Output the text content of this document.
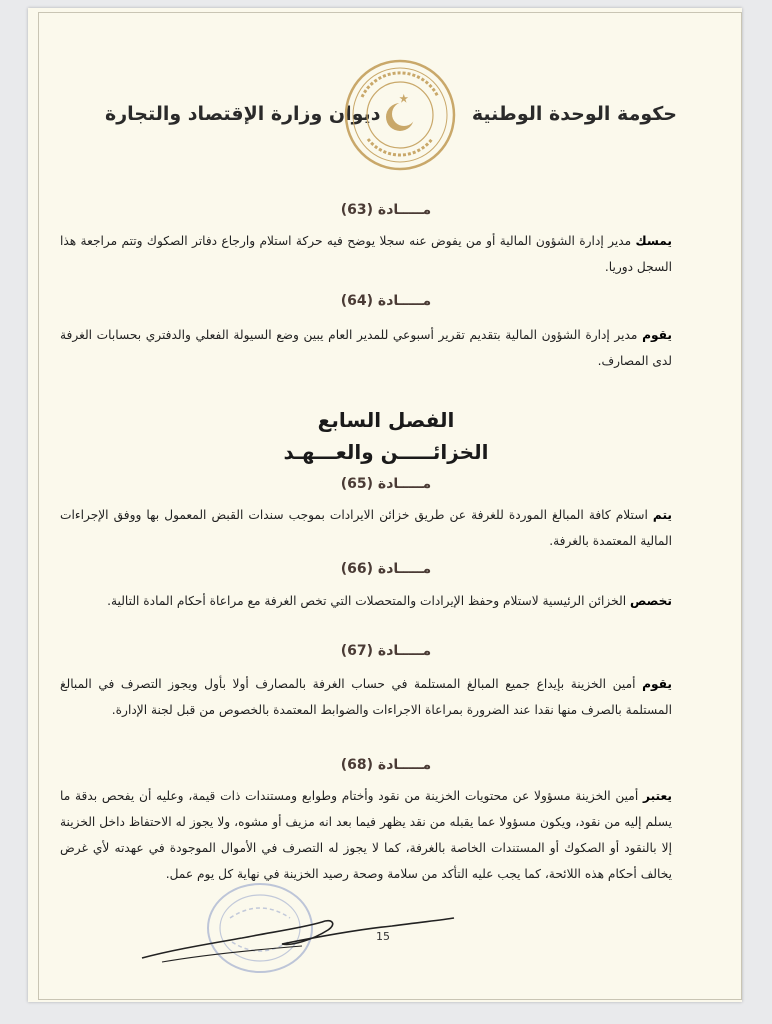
حكومة الوحدة الوطنية
ديوان وزارة الإقتصاد والتجارة
مـــــادة (63)
يمسك مدير إدارة الشؤون المالية أو من يفوض عنه سجلا يوضح فيه حركة استلام وارجاع دفاتر الصكوك وتتم مراجعة هذا السجل دوريا.
مـــــادة (64)
يقوم مدير إدارة الشؤون المالية بتقديم تقرير أسبوعي للمدير العام يبين وضع السيولة الفعلي والدفتري بحسابات الغرفة لدى المصارف.
الفصل السابع
الخزائـــــن والعـــهـد
مـــــادة (65)
يتم استلام كافة المبالغ الموردة للغرفة عن طريق خزائن الايرادات بموجب سندات القبض المعمول بها ووفق الإجراءات المالية المعتمدة بالغرفة.
مـــــادة (66)
تخصص الخزائن الرئيسية لاستلام وحفظ الإيرادات والمتحصلات التي تخص الغرفة مع مراعاة أحكام المادة التالية.
مـــــادة (67)
يقوم أمين الخزينة بإيداع جميع المبالغ المستلمة في حساب الغرفة بالمصارف أولا بأول ويجوز التصرف في المبالغ المستلمة بالصرف منها نقدا عند الضرورة بمراعاة الاجراءات والضوابط المعتمدة بالخصوص من قبل لجنة الإدارة.
مـــــادة (68)
يعتبر أمين الخزينة مسؤولا عن محتويات الخزينة من نقود وأختام وطوابع ومستندات ذات قيمة، وعليه أن يفحص بدقة ما يسلم إليه من نقود، ويكون مسؤولا عما يقبله من نقد يظهر فيما بعد انه مزيف أو مشوه، ولا يجوز له الاحتفاظ داخل الخزينة إلا بالنقود أو الصكوك أو المستندات الخاصة بالغرفة، كما لا يجوز له التصرف في الأموال الموجودة في عهدته لأي غرض يخالف أحكام هذه اللائحة، كما يجب عليه التأكد من سلامة وصحة رصيد الخزينة في نهاية كل يوم عمل.
15
